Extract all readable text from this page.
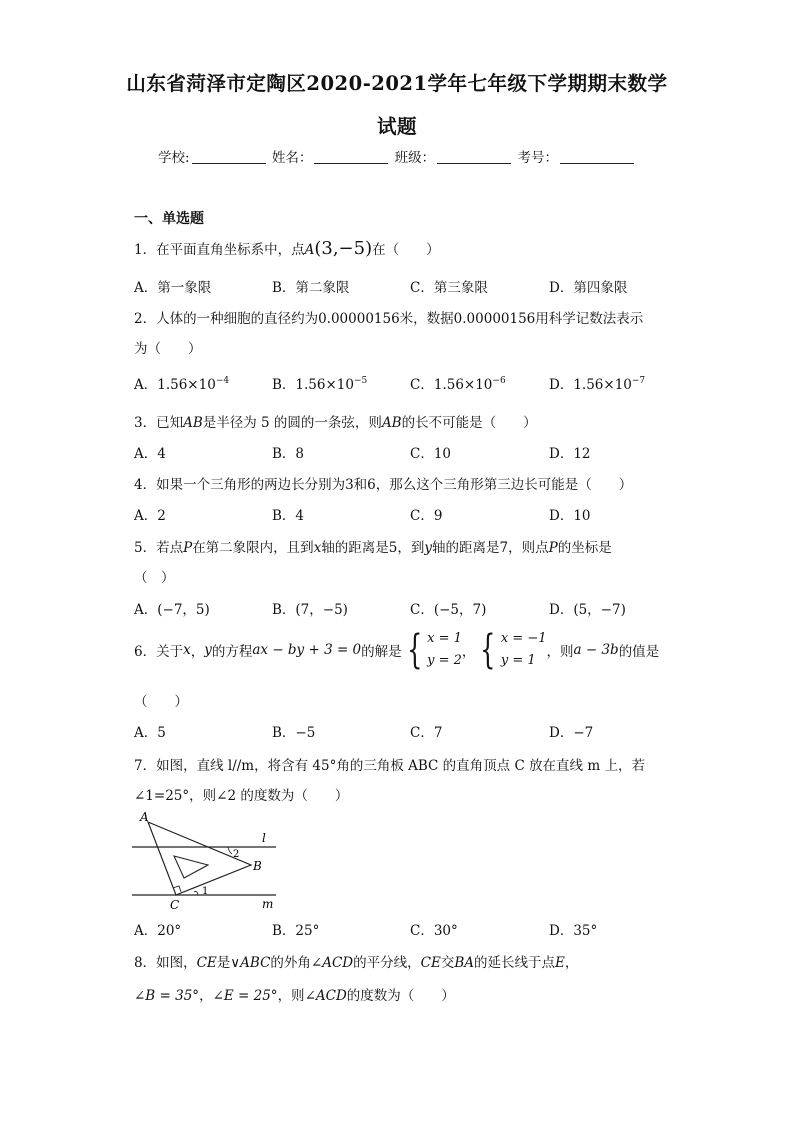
山东省菏泽市定陶区2020-2021学年七年级下学期期末数学
试题
学校:	姓名：	班级：	考号：
一、单选题
1．在平面直角坐标系中，点A(3,−5)在（　　）
A．第一象限	B．第二象限	C．第三象限	D．第四象限
2．人体的一种细胞的直径约为0.00000156米，数据0.00000156用科学记数法表示
为（　　）
A．$1.56\times 10^{-4}$	B．$1.56\times 10^{-5}$	C．$1.56\times 10^{-6}$	D．$1.56\times 10^{-7}$
3．已知AB是半径为 5 的圆的一条弦，则AB的长不可能是（　　）
A．4	B．8	C．10	D．12
4．如果一个三角形的两边长分别为3和6，那么这个三角形第三边长可能是（　　）
A．2	B．4	C．9	D．10
5．若点P在第二象限内，且到x轴的距离是5，到y轴的距离是7，则点P的坐标是
（　）
A．(−7，5)	B．(7，−5)	C．(−5，7)	D．(5，−7)
6．关于x，y的方程ax − by + 3 = 0的解是 { x = 1
y = 2， { x = −1
y = 1，则a − 3b的值是
（　　）
A．5	B．−5	C．7	D．−7
7．如图，直线 l//m，将含有 45°角的三角板 ABC 的直角顶点 C 放在直线 m 上，若
∠1=25°，则∠2 的度数为（　　）
A
B
C
l
m
1
2
A．20°	B．25°	C．30°	D．35°
8．如图，CE是∨ABC的外角∠ACD的平分线，CE交BA的延长线于点E，
∠B = 35°，∠E = 25°，则∠ACD的度数为（　　）
